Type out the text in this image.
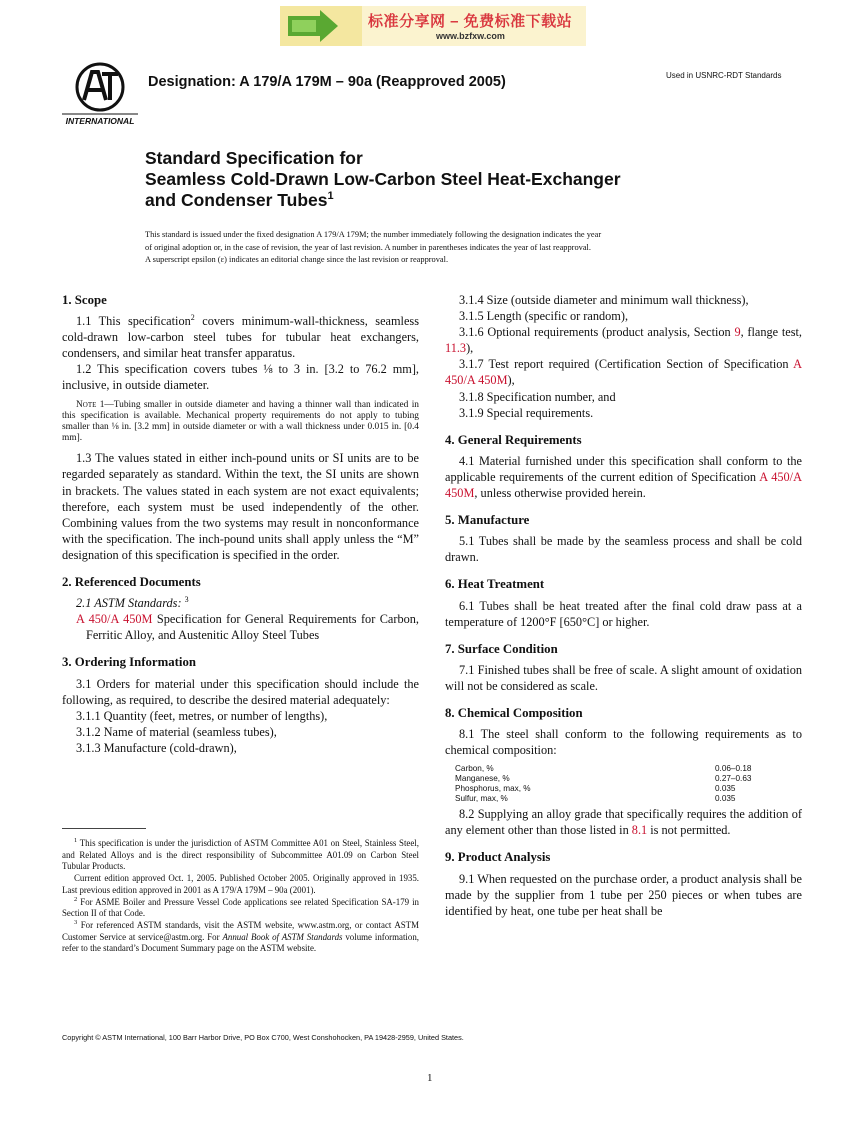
标准分享网 – 免费标准下载站
www.bzfxw.com
INTERNATIONAL
Designation: A 179/A 179M – 90a (Reapproved 2005)	Used in USNRC-RDT Standards
Standard Specification for
Seamless Cold-Drawn Low-Carbon Steel Heat-Exchanger
and Condenser Tubes$^1$
This standard is issued under the fixed designation A 179/A 179M; the number immediately following the designation indicates the year
of original adoption or, in the case of revision, the year of last revision. A number in parentheses indicates the year of last reapproval.
A superscript epsilon (ε) indicates an editorial change since the last revision or reapproval.
1. Scope

1.1 This specification$^2$ covers minimum-wall-thickness, seamless cold-drawn low-carbon steel tubes for tubular heat exchangers, condensers, and similar heat transfer apparatus.

1.2 This specification covers tubes ⅛ to 3 in. [3.2 to 76.2 mm], inclusive, in outside diameter.

Note 1—Tubing smaller in outside diameter and having a thinner wall than indicated in this specification is available. Mechanical property requirements do not apply to tubing smaller than ⅛ in. [3.2 mm] in outside diameter or with a wall thickness under 0.015 in. [0.4 mm].

1.3 The values stated in either inch-pound units or SI units are to be regarded separately as standard. Within the text, the SI units are shown in brackets. The values stated in each system are not exact equivalents; therefore, each system must be used independently of the other. Combining values from the two systems may result in nonconformance with the specification. The inch-pound units shall apply unless the “M” designation of this specification is specified in the order.

2. Referenced Documents

2.1 ASTM Standards: $^3$

A 450/A 450M Specification for General Requirements for Carbon, Ferritic Alloy, and Austenitic Alloy Steel Tubes

3. Ordering Information

3.1 Orders for material under this specification should include the following, as required, to describe the desired material adequately:

3.1.1 Quantity (feet, metres, or number of lengths),

3.1.2 Name of material (seamless tubes),

3.1.3 Manufacture (cold-drawn),

3.1.4 Size (outside diameter and minimum wall thickness),

3.1.5 Length (specific or random),

3.1.6 Optional requirements (product analysis, Section 9, flange test, 11.3),

3.1.7 Test report required (Certification Section of Specification A 450/A 450M),

3.1.8 Specification number, and

3.1.9 Special requirements.

4. General Requirements

4.1 Material furnished under this specification shall conform to the applicable requirements of the current edition of Specification A 450/A 450M, unless otherwise provided herein.

5. Manufacture

5.1 Tubes shall be made by the seamless process and shall be cold drawn.

6. Heat Treatment

6.1 Tubes shall be heat treated after the final cold draw pass at a temperature of 1200°F [650°C] or higher.

7. Surface Condition

7.1 Finished tubes shall be free of scale. A slight amount of oxidation will not be considered as scale.

8. Chemical Composition

8.1 The steel shall conform to the following requirements as to chemical composition:

Carbon, %	0.06–0.18
Manganese, %	0.27–0.63
Phosphorus, max, %	0.035
Sulfur, max, %	0.035

8.2 Supplying an alloy grade that specifically requires the addition of any element other than those listed in 8.1 is not permitted.

9. Product Analysis

9.1 When requested on the purchase order, a product analysis shall be made by the supplier from 1 tube per 250 pieces or when tubes are identified by heat, one tube per heat shall be

$^1$ This specification is under the jurisdiction of ASTM Committee A01 on Steel, Stainless Steel, and Related Alloys and is the direct responsibility of Subcommittee A01.09 on Carbon Steel Tubular Products.

Current edition approved Oct. 1, 2005. Published October 2005. Originally approved in 1935. Last previous edition approved in 2001 as A 179/A 179M – 90a (2001).

$^2$ For ASME Boiler and Pressure Vessel Code applications see related Specification SA-179 in Section II of that Code.

$^3$ For referenced ASTM standards, visit the ASTM website, www.astm.org, or contact ASTM Customer Service at service@astm.org. For Annual Book of ASTM Standards volume information, refer to the standard’s Document Summary page on the ASTM website.

Copyright © ASTM International, 100 Barr Harbor Drive, PO Box C700, West Conshohocken, PA 19428-2959, United States.
1
